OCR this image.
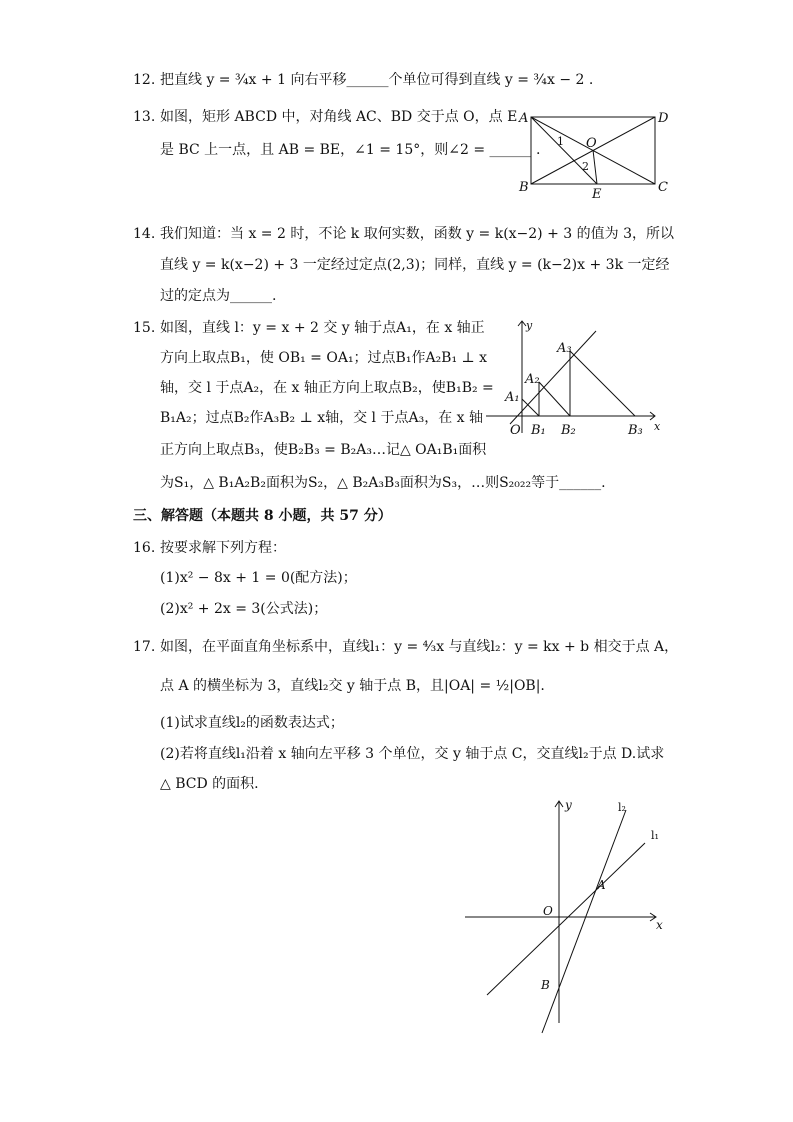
12. 把直线 y = ¾x + 1 向右平移______个单位可得到直线 y = ¾x − 2 .
13. 如图，矩形 ABCD 中，对角线 AC、BD 交于点 O，点 E
是 BC 上一点，且 AB = BE，∠1 = 15°，则∠2 = ______ .
A	D
B	C
O
E
1
2
14. 我们知道：当 x = 2 时，不论 k 取何实数，函数 y = k(x−2) + 3 的值为 3，所以
直线 y = k(x−2) + 3 一定经过定点(2,3)；同样，直线 y = (k−2)x + 3k 一定经
过的定点为______.
15. 如图，直线 l：y = x + 2 交 y 轴于点A₁，在 x 轴正
方向上取点B₁，使 OB₁ = OA₁；过点B₁作A₂B₁ ⊥ x
轴，交 l 于点A₂，在 x 轴正方向上取点B₂，使B₁B₂ =
B₁A₂；过点B₂作A₃B₂ ⊥ x轴，交 l 于点A₃，在 x 轴
正方向上取点B₃，使B₂B₃ = B₂A₃…记△ OA₁B₁面积
为S₁，△ B₁A₂B₂面积为S₂，△ B₂A₃B₃面积为S₃，…则S₂₀₂₂等于______.
x
y
O
A₁
A₂
A₃
B₁ B₂	B₃
三、解答题（本题共 8 小题，共 57 分）
16. 按要求解下列方程：
(1)x² − 8x + 1 = 0(配方法)；
(2)x² + 2x = 3(公式法)；
17. 如图，在平面直角坐标系中，直线l₁：y = ⁴⁄₃x 与直线l₂：y = kx + b 相交于点 A，
点 A 的横坐标为 3，直线l₂交 y 轴于点 B，且|OA| = ½|OB|.
(1)试求直线l₂的函数表达式；
(2)若将直线l₁沿着 x 轴向左平移 3 个单位，交 y 轴于点 C，交直线l₂于点 D.试求
△ BCD 的面积.
x
y
O
A
B
l₂
l₁
